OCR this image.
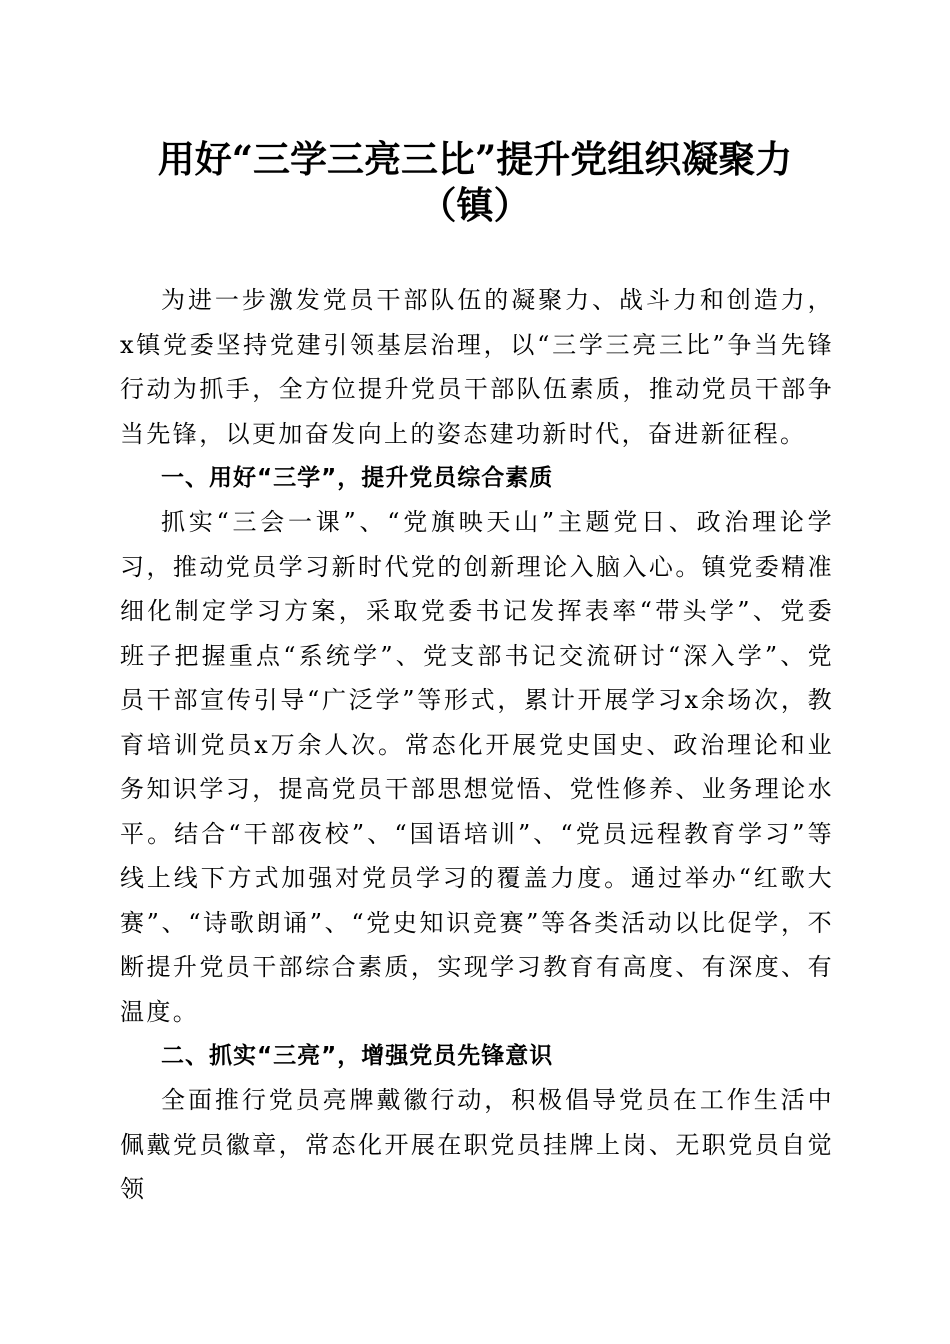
用好“三学三亮三比”提升党组织凝聚力
（镇）

为进一步激发党员干部队伍的凝聚力、战斗力和创造力，x镇党委坚持党建引领基层治理，以“三学三亮三比”争当先锋行动为抓手，全方位提升党员干部队伍素质，推动党员干部争当先锋，以更加奋发向上的姿态建功新时代，奋进新征程。

一、用好“三学”，提升党员综合素质

抓实“三会一课”、“党旗映天山”主题党日、政治理论学习，推动党员学习新时代党的创新理论入脑入心。镇党委精准细化制定学习方案，采取党委书记发挥表率“带头学”、党委班子把握重点“系统学”、党支部书记交流研讨“深入学”、党员干部宣传引导“广泛学”等形式，累计开展学习x余场次，教育培训党员x万余人次。常态化开展党史国史、政治理论和业务知识学习，提高党员干部思想觉悟、党性修养、业务理论水平。结合“干部夜校”、“国语培训”、“党员远程教育学习”等线上线下方式加强对党员学习的覆盖力度。通过举办“红歌大赛”、“诗歌朗诵”、“党史知识竞赛”等各类活动以比促学，不断提升党员干部综合素质，实现学习教育有高度、有深度、有温度。

二、抓实“三亮”，增强党员先锋意识

全面推行党员亮牌戴徽行动，积极倡导党员在工作生活中佩戴党员徽章，常态化开展在职党员挂牌上岗、无职党员自觉领
